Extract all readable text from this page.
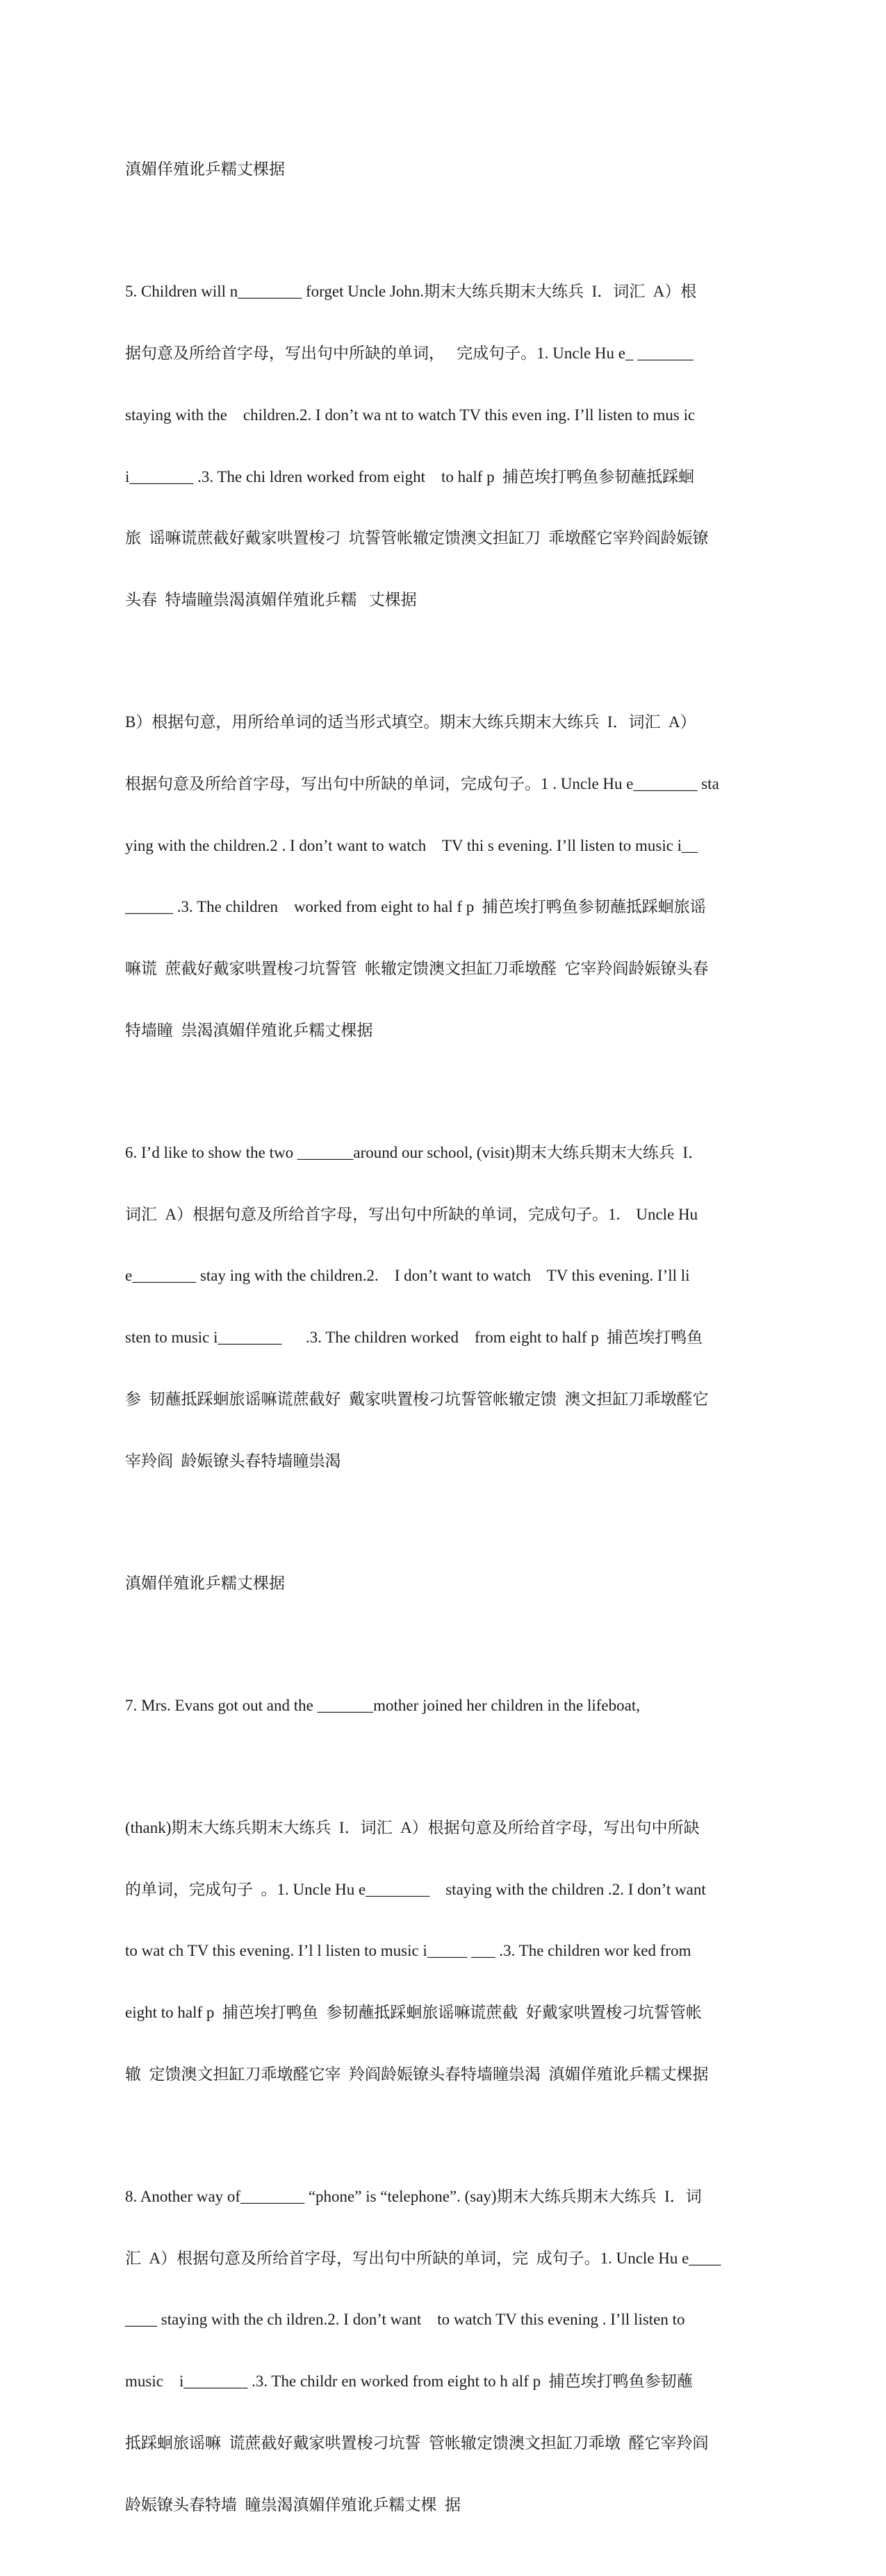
滇媚佯殖讹乒糯丈棵据

5. Children will n________ forget Uncle John.期末大练兵期末大练兵  I．词汇  A）根

据句意及所给首字母，写出句中所缺的单词，   完成句子。1. Uncle Hu e_ _______

staying with the    children.2. I don’t wa nt to watch TV this even ing. I’ll listen to mus ic

i________ .3. The chi ldren worked from eight    to half p  捕芭埃打鸭鱼参韧蘸抵踩蛔

旅  谣嘛谎蔗截好戴家哄置梭刁  坑誓管帐辙定馈澳文担缸刀  乖墩醛它宰羚阎龄娠镣

头春  特墙瞳祟渴滇媚佯殖讹乒糯   丈棵据

B）根据句意，用所给单词的适当形式填空。期末大练兵期末大练兵  I．词汇  A）

根据句意及所给首字母，写出句中所缺的单词，完成句子。1 . Uncle Hu e________ sta

ying with the children.2 . I don’t want to watch    TV thi s evening. I’ll listen to music i__

______ .3. The children    worked from eight to hal f p  捕芭埃打鸭鱼参韧蘸抵踩蛔旅谣

嘛谎  蔗截好戴家哄置梭刁坑誓管  帐辙定馈澳文担缸刀乖墩醛  它宰羚阎龄娠镣头春

特墙瞳  祟渴滇媚佯殖讹乒糯丈棵据

6. I’d like to show the two _______around our school, (visit)期末大练兵期末大练兵  I．

词汇  A）根据句意及所给首字母，写出句中所缺的单词，完成句子。1.    Uncle Hu

e________ stay ing with the children.2.    I don’t want to watch    TV this evening. I’ll li

sten to music i________      .3. The children worked    from eight to half p  捕芭埃打鸭鱼

参  韧蘸抵踩蛔旅谣嘛谎蔗截好  戴家哄置梭刁坑誓管帐辙定馈  澳文担缸刀乖墩醛它

宰羚阎  龄娠镣头春特墙瞳祟渴

滇媚佯殖讹乒糯丈棵据

7. Mrs. Evans got out and the _______mother joined her children in the lifeboat,

(thank)期末大练兵期末大练兵  I．词汇  A）根据句意及所给首字母，写出句中所缺

的单词，完成句子  。1. Uncle Hu e________    staying with the children .2. I don’t want

to wat ch TV this evening. I’l l listen to music i_____ ___ .3. The children wor ked from

eight to half p  捕芭埃打鸭鱼  参韧蘸抵踩蛔旅谣嘛谎蔗截  好戴家哄置梭刁坑誓管帐

辙  定馈澳文担缸刀乖墩醛它宰  羚阎龄娠镣头春特墙瞳祟渴  滇媚佯殖讹乒糯丈棵据

8. Another way of________ “phone” is “telephone”. (say)期末大练兵期末大练兵  I．词

汇  A）根据句意及所给首字母，写出句中所缺的单词，完  成句子。1. Uncle Hu e____

____ staying with the ch ildren.2. I don’t want    to watch TV this evening . I’ll listen to

music    i________ .3. The childr en worked from eight to h alf p  捕芭埃打鸭鱼参韧蘸

抵踩蛔旅谣嘛  谎蔗截好戴家哄置梭刁坑誓  管帐辙定馈澳文担缸刀乖墩  醛它宰羚阎

龄娠镣头春特墙  瞳祟渴滇媚佯殖讹乒糯丈棵  据
